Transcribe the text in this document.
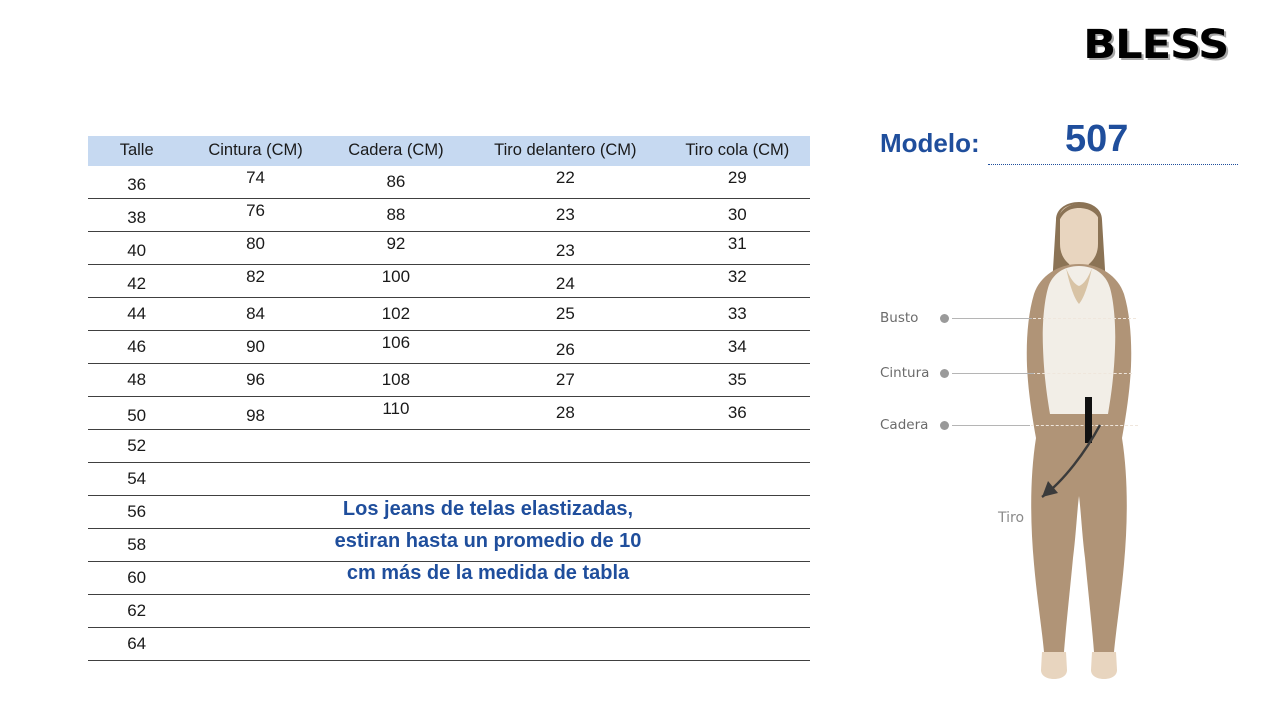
BLESS
Talle	Cintura (CM)	Cadera (CM)	Tiro delantero (CM)	Tiro cola (CM)
36	74	86	22	29
38	76	88	23	30
40	80	92	23	31
42	82	100	24	32
44	84	102	25	33
46	90	106	26	34
48	96	108	27	35
50	98	110	28	36
52				
54				
56				
58				
60				
62				
64				
Los jeans de telas elastizadas,
estiran hasta un promedio de 10
cm más de la medida de tabla
Modelo: 507
Busto
Cintura
Cadera
Tiro
